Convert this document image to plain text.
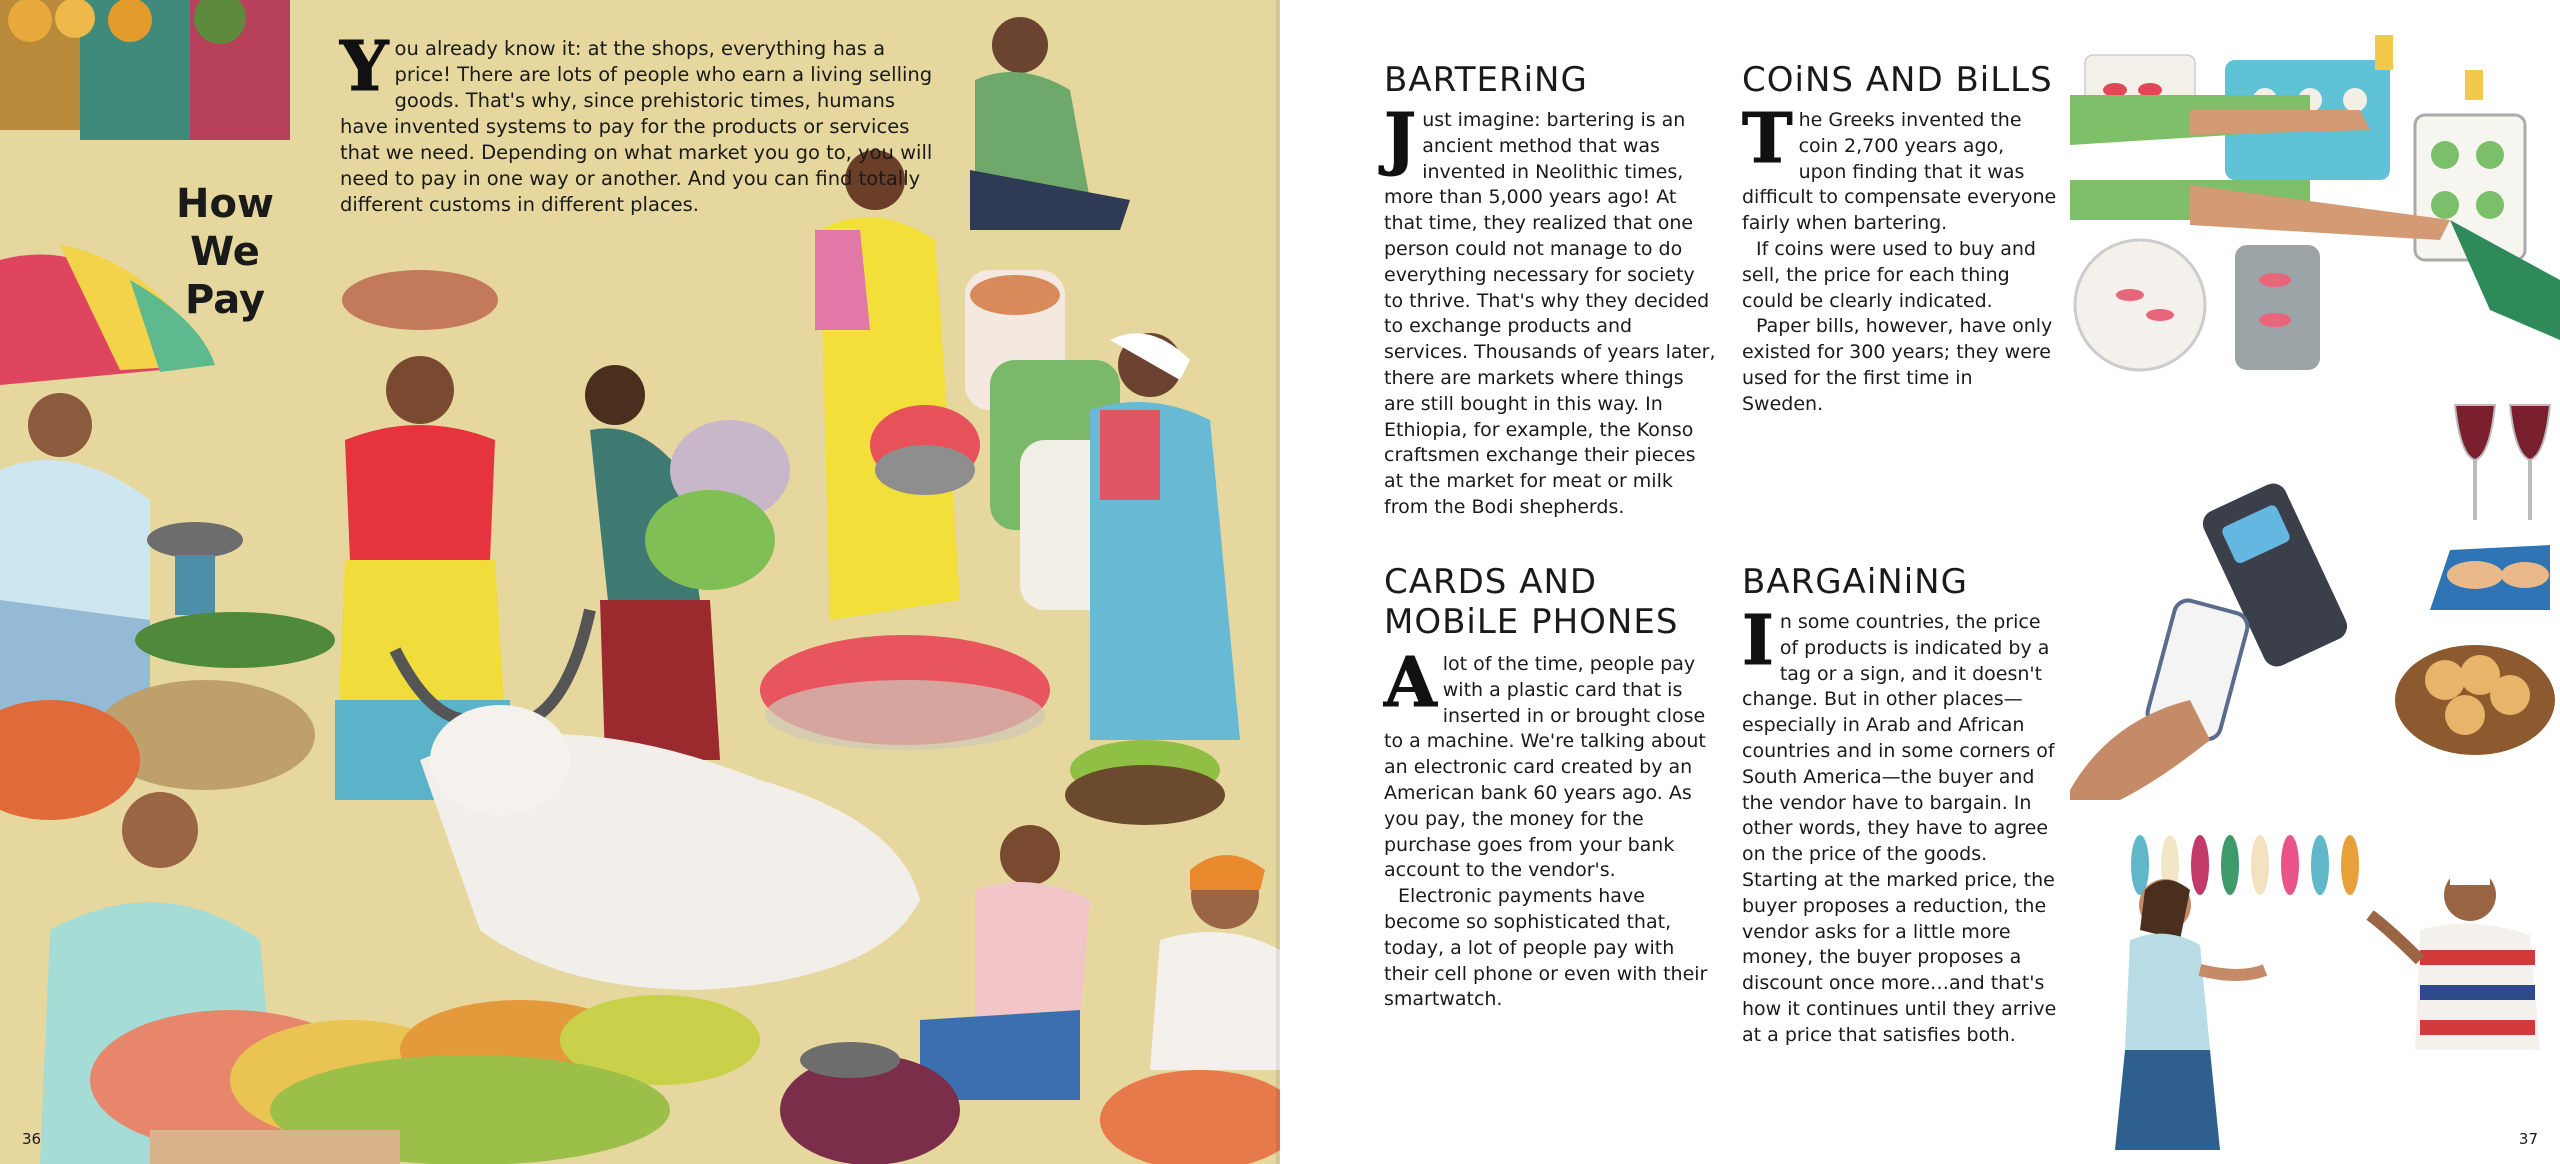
You already know it: at the shops, everything has a price! There are lots of people who earn a living selling goods. That's why, since prehistoric times, humans have invented systems to pay for the products or services that we need. Depending on what market you go to, you will need to pay in one way or another. And you can find totally different customs in different places.
How We
Pay
36
BARTERiNG

Just imagine: bartering is an ancient method that was invented in Neolithic times, more than 5,000 years ago! At that time, they realized that one person could not manage to do everything necessary for society to thrive. That's why they decided to exchange products and services. Thousands of years later, there are markets where things are still bought in this way. In Ethiopia, for example, the Konso craftsmen exchange their pieces at the market for meat or milk from the Bodi shepherds.

COiNS AND BiLLS

The Greeks invented the coin 2,700 years ago, upon finding that it was difficult to compensate everyone fairly when bartering.

If coins were used to buy and sell, the price for each thing could be clearly indicated.

Paper bills, however, have only existed for 300 years; they were used for the first time in Sweden.

CARDS AND
MOBiLE PHONES

Alot of the time, people pay with a plastic card that is inserted in or brought close to a machine. We're talking about an electronic card created by an American bank 60 years ago. As you pay, the money for the purchase goes from your bank account to the vendor's.

Electronic payments have become so sophisticated that, today, a lot of people pay with their cell phone or even with their smartwatch.

BARGAiNiNG

In some countries, the price of products is indicated by a tag or a sign, and it doesn't change. But in other places—especially in Arab and African countries and in some corners of South America—the buyer and the vendor have to bargain. In other words, they have to agree on the price of the goods. Starting at the marked price, the buyer proposes a reduction, the vendor asks for a little more money, the buyer proposes a discount once more…and that's how it continues until they arrive at a price that satisfies both.

37
